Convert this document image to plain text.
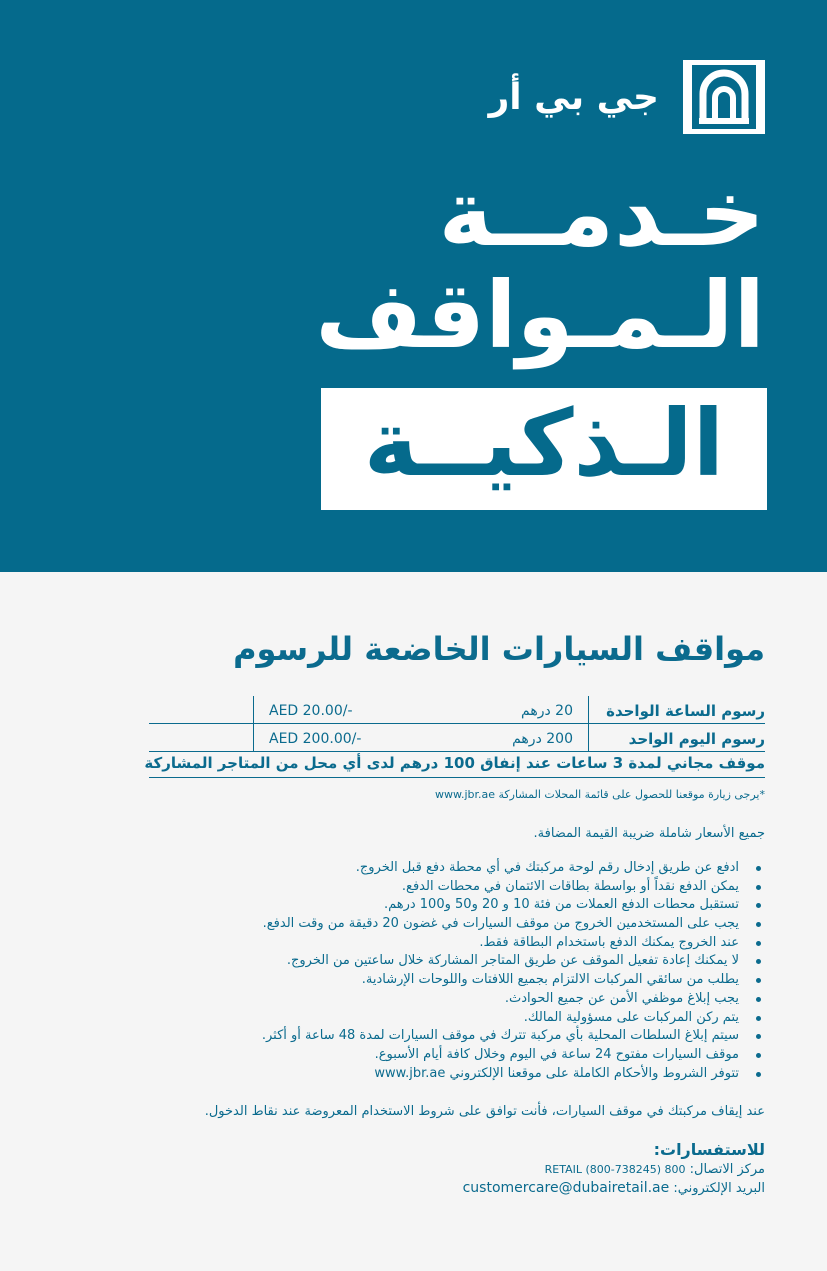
جي بي أر
خـدمــة
الـمـواقف
الـذكيــة
مواقف السيارات الخاضعة للرسوم
رسوم الساعة الواحدة
20 درهم
AED 20.00/-
رسوم اليوم الواحد
200 درهم
AED 200.00/-
موقف مجاني لمدة 3 ساعات عند إنفاق 100 درهم لدى أي محل من المتاجر المشاركة
*يرجى زيارة موقعنا للحصول على قائمة المحلات المشاركة www.jbr.ae
جميع الأسعار شاملة ضريبة القيمة المضافة.
ادفع عن طريق إدخال رقم لوحة مركبتك في أي محطة دفع قبل الخروج.
يمكن الدفع نقداً أو بواسطة بطاقات الائتمان في محطات الدفع.
تستقبل محطات الدفع العملات من فئة 10 و 20 و50 و100 درهم.
يجب على المستخدمين الخروج من موقف السيارات في غضون 20 دقيقة من وقت الدفع.
عند الخروج يمكنك الدفع باستخدام البطاقة فقط.
لا يمكنك إعادة تفعيل الموقف عن طريق المتاجر المشاركة خلال ساعتين من الخروج.
يطلب من سائقي المركبات الالتزام بجميع اللافتات واللوحات الإرشادية.
يجب إبلاغ موظفي الأمن عن جميع الحوادث.
يتم ركن المركبات على مسؤولية المالك.
سيتم إبلاغ السلطات المحلية بأي مركبة تترك في موقف السيارات لمدة 48 ساعة أو أكثر.
موقف السيارات مفتوح 24 ساعة في اليوم وخلال كافة أيام الأسبوع.
تتوفر الشروط والأحكام الكاملة على موقعنا الإلكتروني www.jbr.ae
عند إيقاف مركبتك في موقف السيارات، فأنت توافق على شروط الاستخدام المعروضة عند نقاط الدخول.
للاستفسارات:
مركز الاتصال: 800 RETAIL (800-738245)
البريد الإلكتروني: customercare@dubairetail.ae
